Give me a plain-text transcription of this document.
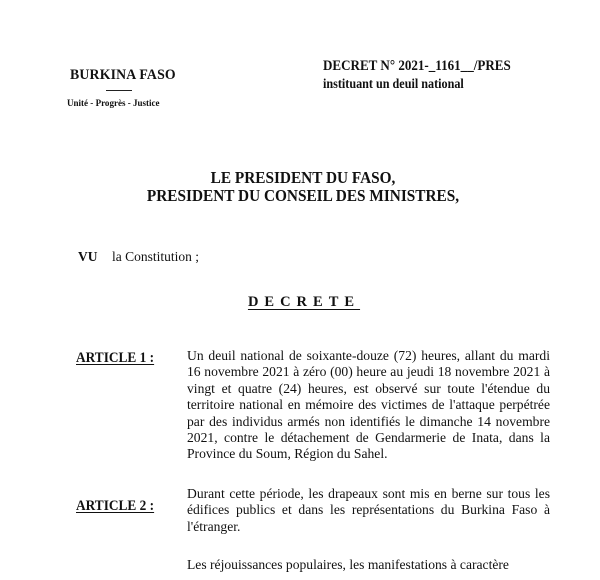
BURKINA FASO
Unité - Progrès - Justice
DECRET N° 2021-_1161__/PRES
instituant un deuil national
LE PRESIDENT DU FASO,
PRESIDENT DU CONSEIL DES MINISTRES,
VU la Constitution ;
DECRETE
ARTICLE 1 : Un deuil national de soixante-douze (72) heures, allant du mardi 16 novembre 2021 à zéro (00) heure au jeudi 18 novembre 2021 à vingt et quatre (24) heures, est observé sur toute l'étendue du territoire national en mémoire des victimes de l'attaque perpétrée par des individus armés non identifiés le dimanche 14 novembre 2021, contre le détachement de Gendarmerie de Inata, dans la Province du Soum, Région du Sahel.
ARTICLE 2 :
Durant cette période, les drapeaux sont mis en berne sur tous les édifices publics et dans les représentations du Burkina Faso à l'étranger.
Les réjouissances populaires, les manifestations à caractère
